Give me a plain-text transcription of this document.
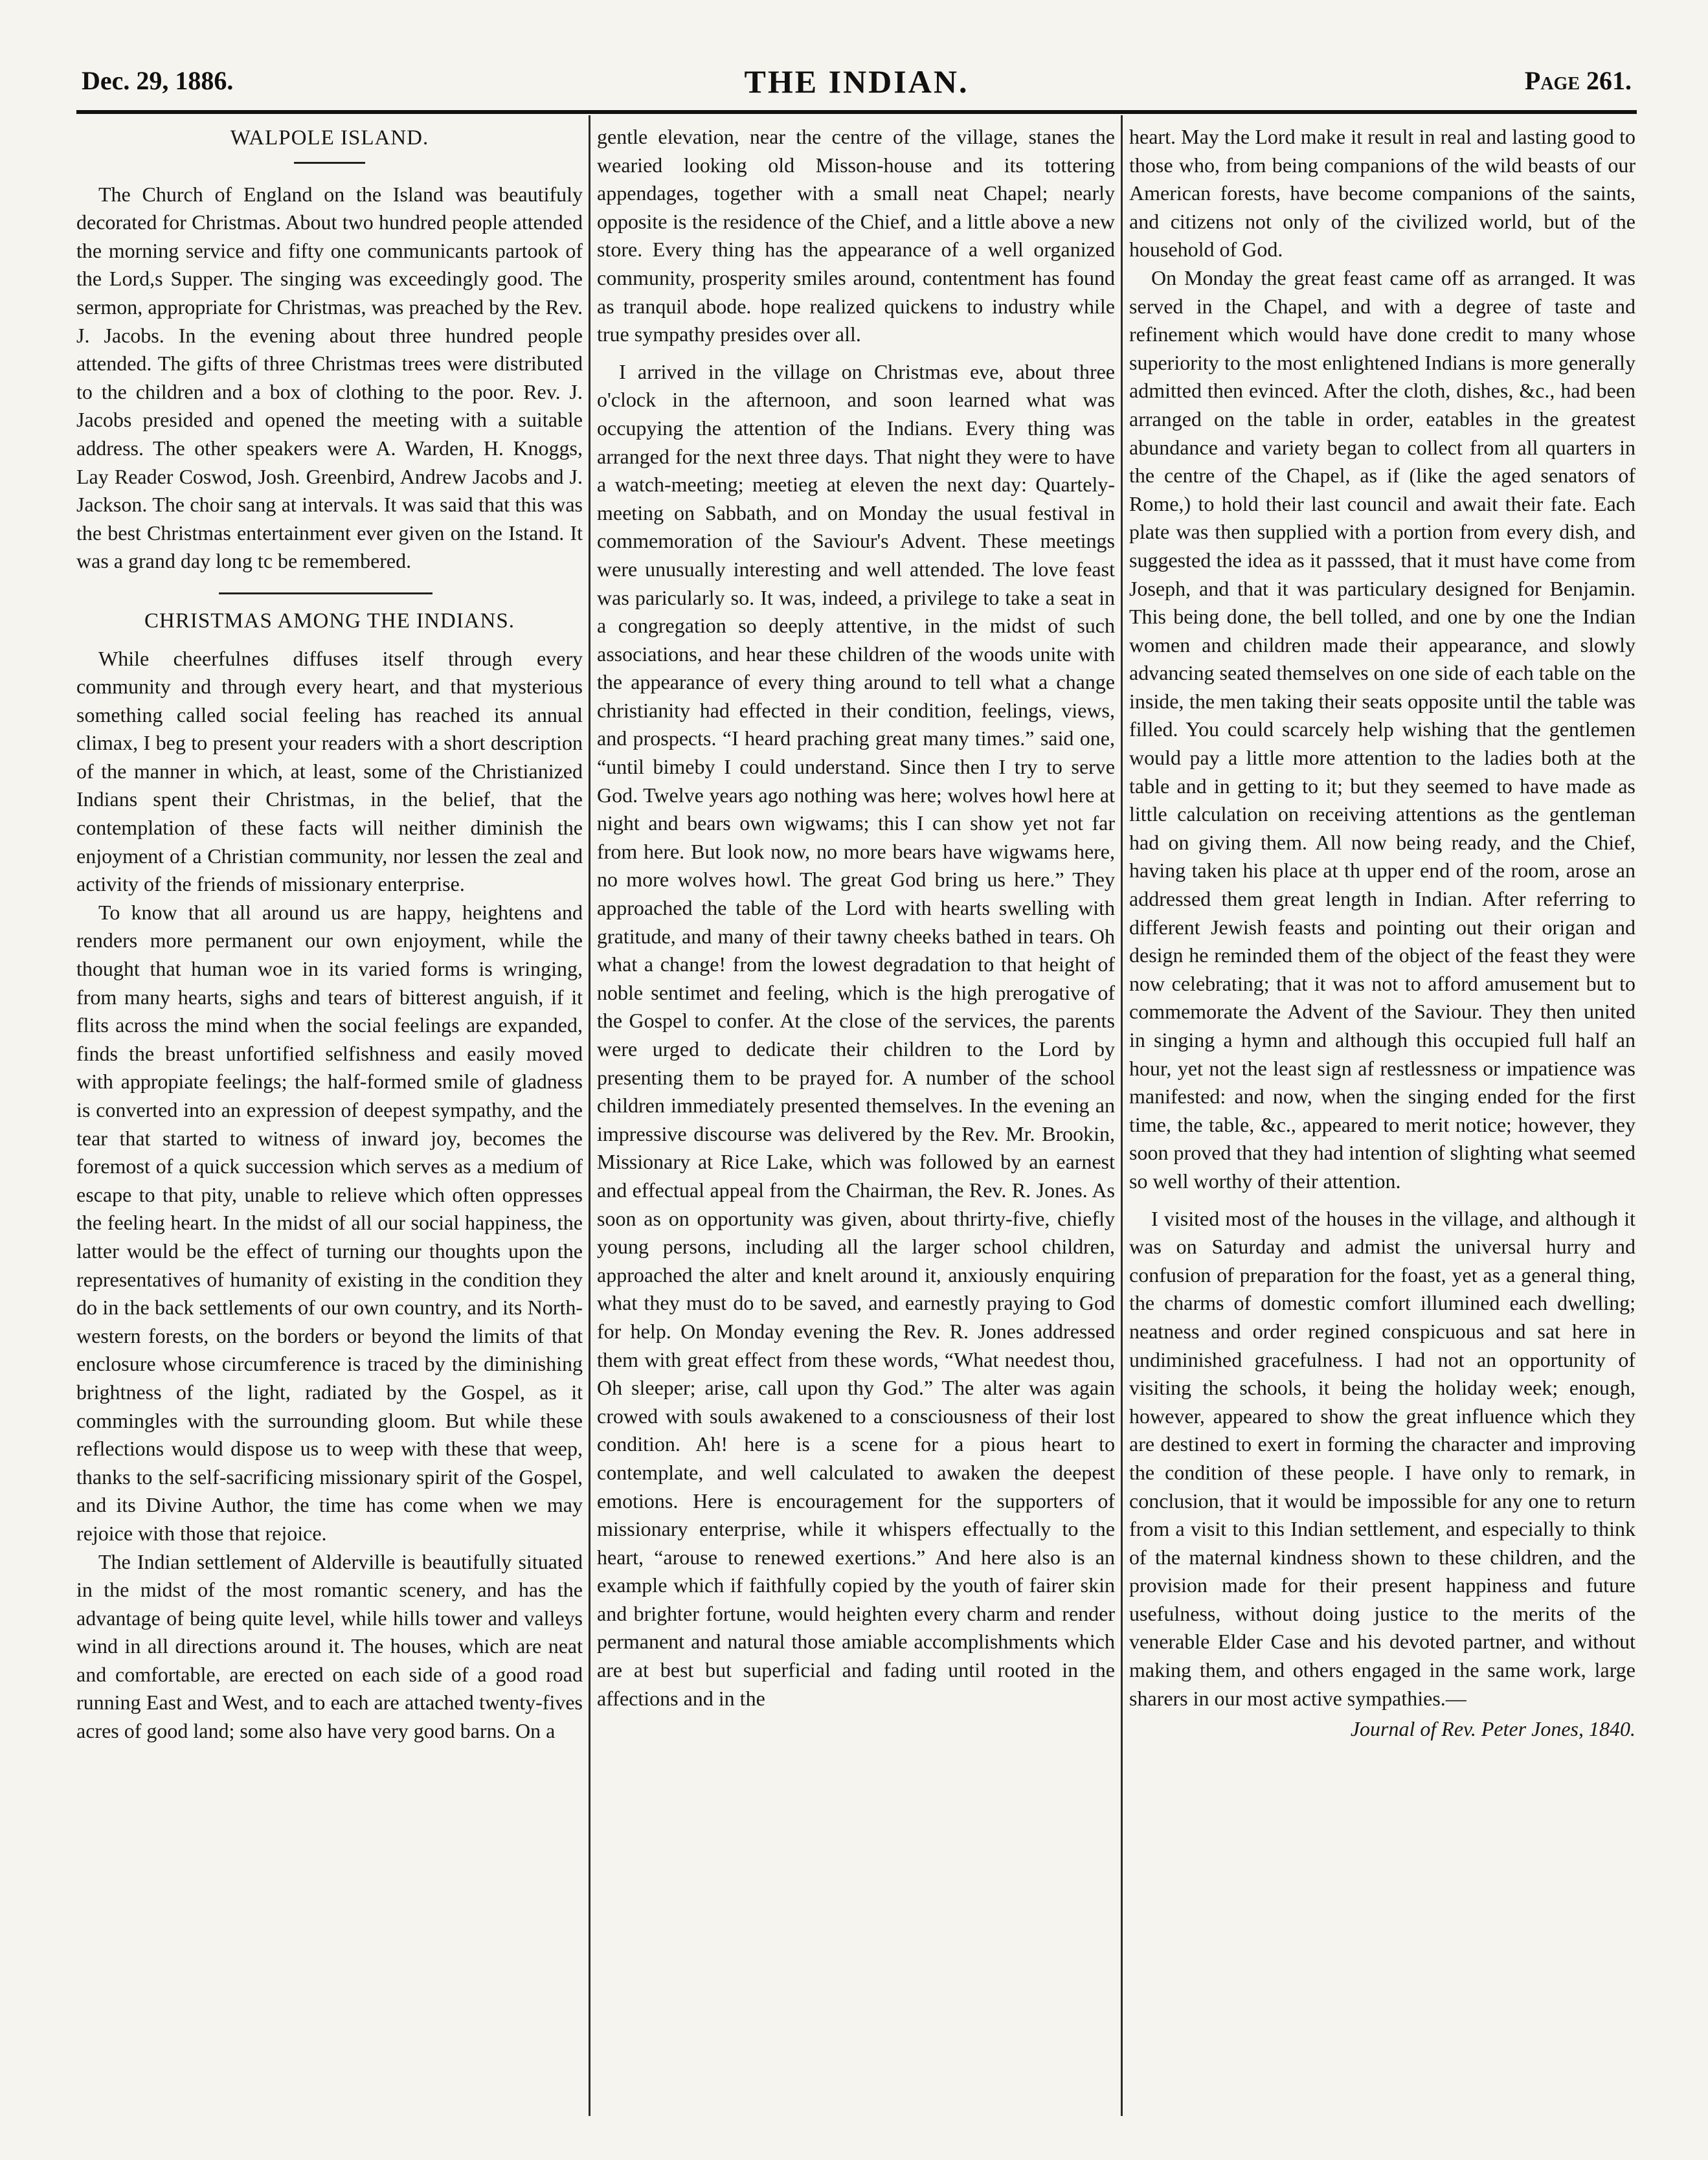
Dec. 29, 1886.	THE INDIAN.	Page 261.
WALPOLE ISLAND.

The Church of England on the Island was beautifuly decorated for Christmas. About two hundred people attended the morning service and fifty one communicants partook of the Lord,s Supper. The singing was exceedingly good. The sermon, appropriate for Christmas, was preached by the Rev. J. Jacobs. In the evening about three hundred people attended. The gifts of three Christmas trees were distributed to the children and a box of clothing to the poor. Rev. J. Jacobs presided and opened the meeting with a suitable address. The other speakers were A. Warden, H. Knoggs, Lay Reader Coswod, Josh. Greenbird, Andrew Jacobs and J. Jackson. The choir sang at intervals. It was said that this was the best Christmas entertainment ever given on the Istand. It was a grand day long tc be remembered.

CHRISTMAS AMONG THE INDIANS.

While cheerfulnes diffuses itself through every community and through every heart, and that mysterious something called social feeling has reached its annual climax, I beg to present your readers with a short description of the manner in which, at least, some of the Christianized Indians spent their Christmas, in the belief, that the contemplation of these facts will neither diminish the enjoyment of a Christian community, nor lessen the zeal and activity of the friends of missionary enterprise.

To know that all around us are happy, heightens and renders more permanent our own enjoyment, while the thought that human woe in its varied forms is wringing, from many hearts, sighs and tears of bitterest anguish, if it flits across the mind when the social feelings are expanded, finds the breast unfortified selfishness and easily moved with appropiate feelings; the half-formed smile of gladness is converted into an expression of deepest sympathy, and the tear that started to witness of inward joy, becomes the foremost of a quick succession which serves as a medium of escape to that pity, unable to relieve which often oppresses the feeling heart. In the midst of all our social happiness, the latter would be the effect of turning our thoughts upon the representatives of humanity of existing in the condition they do in the back settlements of our own country, and its North-western forests, on the borders or beyond the limits of that enclosure whose circumference is traced by the diminishing brightness of the light, radiated by the Gospel, as it commingles with the surrounding gloom. But while these reflections would dispose us to weep with these that weep, thanks to the self-sacrificing missionary spirit of the Gospel, and its Divine Author, the time has come when we may rejoice with those that rejoice.

The Indian settlement of Alderville is beautifully situated in the midst of the most romantic scenery, and has the advantage of being quite level, while hills tower and valleys wind in all directions around it. The houses, which are neat and comfortable, are erected on each side of a good road running East and West, and to each are attached twenty-fives acres of good land; some also have very good barns. On a

gentle elevation, near the centre of the village, stanes the wearied looking old Misson-house and its tottering appendages, together with a small neat Chapel; nearly opposite is the residence of the Chief, and a little above a new store. Every thing has the appearance of a well organized community, prosperity smiles around, contentment has found as tranquil abode. hope realized quickens to industry while true sympathy presides over all.

I arrived in the village on Christmas eve, about three o'clock in the afternoon, and soon learned what was occupying the attention of the Indians. Every thing was arranged for the next three days. That night they were to have a watch-meeting; meetieg at eleven the next day: Quartely-meeting on Sabbath, and on Monday the usual festival in commemoration of the Saviour's Advent. These meetings were unusually interesting and well attended. The love feast was paricularly so. It was, indeed, a privilege to take a seat in a congregation so deeply attentive, in the midst of such associations, and hear these children of the woods unite with the appearance of every thing around to tell what a change christianity had effected in their condition, feelings, views, and prospects. “I heard praching great many times.” said one, “until bimeby I could understand. Since then I try to serve God. Twelve years ago nothing was here; wolves howl here at night and bears own wigwams; this I can show yet not far from here. But look now, no more bears have wigwams here, no more wolves howl. The great God bring us here.” They approached the table of the Lord with hearts swelling with gratitude, and many of their tawny cheeks bathed in tears. Oh what a change! from the lowest degradation to that height of noble sentimet and feeling, which is the high prerogative of the Gospel to confer. At the close of the services, the parents were urged to dedicate their children to the Lord by presenting them to be prayed for. A number of the school children immediately presented themselves. In the evening an impressive discourse was delivered by the Rev. Mr. Brookin, Missionary at Rice Lake, which was followed by an earnest and effectual appeal from the Chairman, the Rev. R. Jones. As soon as on opportunity was given, about thrirty-five, chiefly young persons, including all the larger school children, approached the alter and knelt around it, anxiously enquiring what they must do to be saved, and earnestly praying to God for help. On Monday evening the Rev. R. Jones addressed them with great effect from these words, “What needest thou, Oh sleeper; arise, call upon thy God.” The alter was again crowed with souls awakened to a consciousness of their lost condition. Ah! here is a scene for a pious heart to contemplate, and well calculated to awaken the deepest emotions. Here is encouragement for the supporters of missionary enterprise, while it whispers effectually to the heart, “arouse to renewed exertions.” And here also is an example which if faithfully copied by the youth of fairer skin and brighter fortune, would heighten every charm and render permanent and natural those amiable accomplishments which are at best but superficial and fading until rooted in the affections and in the

heart. May the Lord make it result in real and lasting good to those who, from being companions of the wild beasts of our American forests, have become companions of the saints, and citizens not only of the civilized world, but of the household of God.

On Monday the great feast came off as arranged. It was served in the Chapel, and with a degree of taste and refinement which would have done credit to many whose superiority to the most enlightened Indians is more generally admitted then evinced. After the cloth, dishes, &c., had been arranged on the table in order, eatables in the greatest abundance and variety began to collect from all quarters in the centre of the Chapel, as if (like the aged senators of Rome,) to hold their last council and await their fate. Each plate was then supplied with a portion from every dish, and suggested the idea as it passsed, that it must have come from Joseph, and that it was particulary designed for Benjamin. This being done, the bell tolled, and one by one the Indian women and children made their appearance, and slowly advancing seated themselves on one side of each table on the inside, the men taking their seats opposite until the table was filled. You could scarcely help wishing that the gentlemen would pay a little more attention to the ladies both at the table and in getting to it; but they seemed to have made as little calculation on receiving attentions as the gentleman had on giving them. All now being ready, and the Chief, having taken his place at th upper end of the room, arose an addressed them great length in Indian. After referring to different Jewish feasts and pointing out their origan and design he reminded them of the object of the feast they were now celebrating; that it was not to afford amusement but to commemorate the Advent of the Saviour. They then united in singing a hymn and although this occupied full half an hour, yet not the least sign af restlessness or impatience was manifested: and now, when the singing ended for the first time, the table, &c., appeared to merit notice; however, they soon proved that they had intention of slighting what seemed so well worthy of their attention.

I visited most of the houses in the village, and although it was on Saturday and admist the universal hurry and confusion of preparation for the foast, yet as a general thing, the charms of domestic comfort illumined each dwelling; neatness and order regined conspicuous and sat here in undiminished gracefulness. I had not an opportunity of visiting the schools, it being the holiday week; enough, however, appeared to show the great influence which they are destined to exert in forming the character and improving the condition of these people. I have only to remark, in conclusion, that it would be impossible for any one to return from a visit to this Indian settlement, and especially to think of the maternal kindness shown to these children, and the provision made for their present happiness and future usefulness, without doing justice to the merits of the venerable Elder Case and his devoted partner, and without making them, and others engaged in the same work, large sharers in our most active sympathies.—

Journal of Rev. Peter Jones, 1840.
